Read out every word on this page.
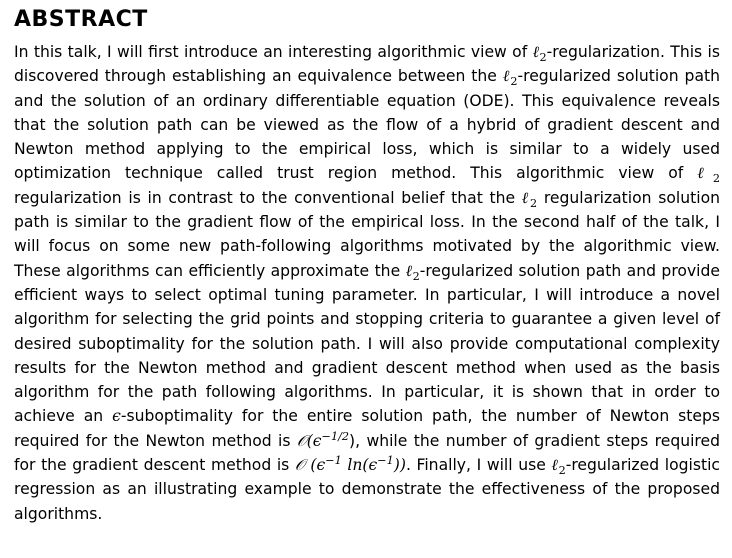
ABSTRACT

In this talk, I will first introduce an interesting algorithmic view of ℓ$_2$-regularization. This is discovered through establishing an equivalence between the ℓ$_2$-regularized solution path and the solution of an ordinary differentiable equation (ODE). This equivalence reveals that the solution path can be viewed as the flow of a hybrid of gradient descent and Newton method applying to the empirical loss, which is similar to a widely used optimization technique called trust region method. This algorithmic view of ℓ$_2$ regularization is in contrast to the conventional belief that the ℓ$_2$ regularization solution path is similar to the gradient flow of the empirical loss. In the second half of the talk, I will focus on some new path-following algorithms motivated by the algorithmic view. These algorithms can efficiently approximate the ℓ$_2$-regularized solution path and provide efficient ways to select optimal tuning parameter. In particular, I will introduce a novel algorithm for selecting the grid points and stopping criteria to guarantee a given level of desired suboptimality for the solution path. I will also provide computational complexity results for the Newton method and gradient descent method when used as the basis algorithm for the path following algorithms. In particular, it is shown that in order to achieve an ϵ-suboptimality for the entire solution path, the number of Newton steps required for the Newton method is $𝒪(\epsilon^{-1/2})$, while the number of gradient steps required for the gradient descent method is 𝒪 ($\epsilon^{-1}$ $\ln(\epsilon^{-1})$). Finally, I will use ℓ$_2$-regularized logistic regression as an illustrating example to demonstrate the effectiveness of the proposed algorithms.
